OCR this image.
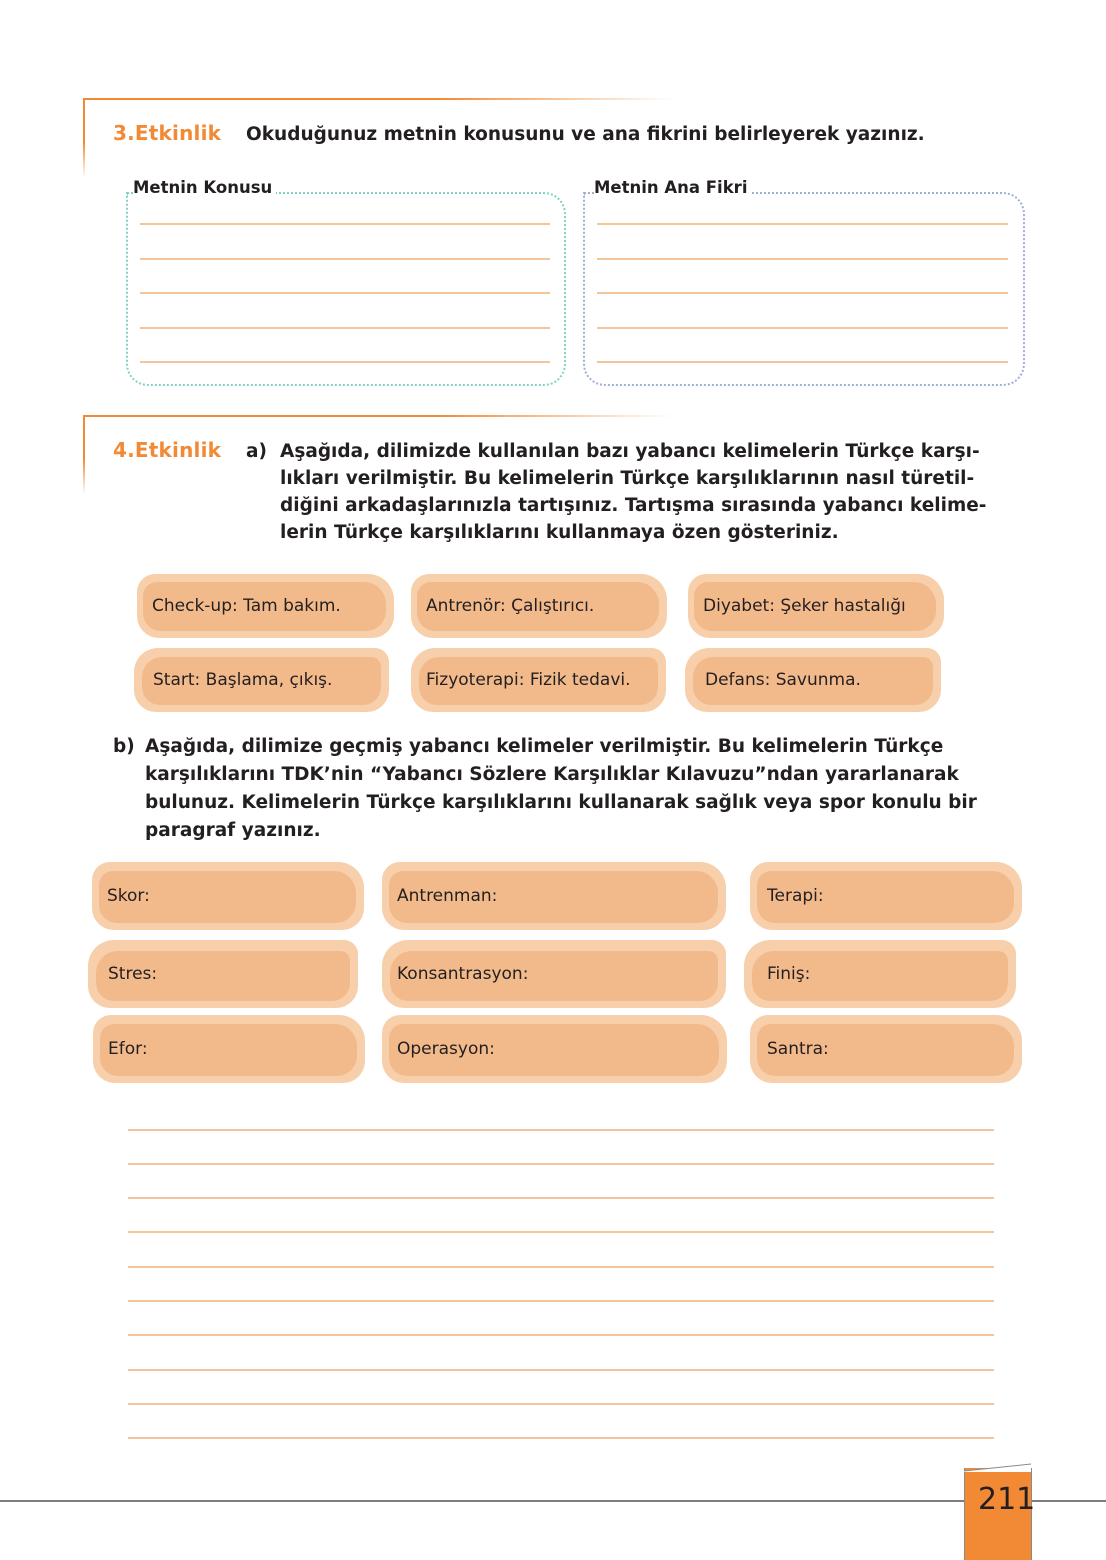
3.Etkinlik Okuduğunuz metnin konusunu ve ana fikrini belirleyerek yazınız.
Metnin Konusu	Metnin Ana Fikri
4.Etkinlik a) Aşağıda, dilimizde kullanılan bazı yabancı kelimelerin Türkçe karşı-
lıkları verilmiştir. Bu kelimelerin Türkçe karşılıklarının nasıl türetil-
diğini arkadaşlarınızla tartışınız. Tartışma sırasında yabancı kelime-
lerin Türkçe karşılıklarını kullanmaya özen gösteriniz.
Check-up: Tam bakım.	Antrenör: Çalıştırıcı.	Diyabet: Şeker hastalığı
Start: Başlama, çıkış.	Fizyoterapi: Fizik tedavi.	Defans: Savunma.
b) Aşağıda, dilimize geçmiş yabancı kelimeler verilmiştir. Bu kelimelerin Türkçe
karşılıklarını TDK’nin “Yabancı Sözlere Karşılıklar Kılavuzu”ndan yararlanarak
bulunuz. Kelimelerin Türkçe karşılıklarını kullanarak sağlık veya spor konulu bir
paragraf yazınız.
Skor:	Antrenman:	Terapi:
Stres:	Konsantrasyon:	Finiş:
Efor:	Operasyon:	Santra:
211
